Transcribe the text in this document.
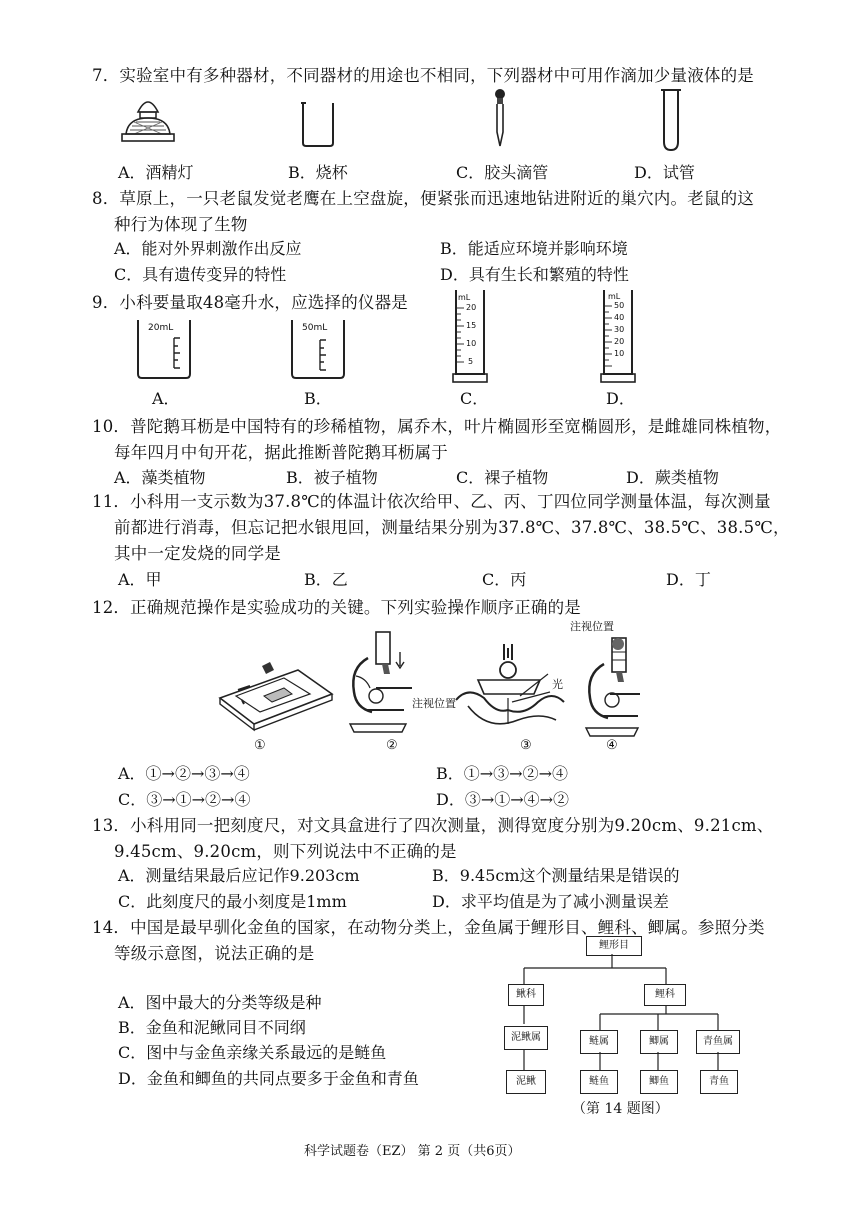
7．实验室中有多种器材，不同器材的用途也不相同，下列器材中可用作滴加少量液体的是
A．酒精灯	B．烧杯	C．胶头滴管	D．试管
8．草原上，一只老鼠发觉老鹰在上空盘旋，便紧张而迅速地钻进附近的巢穴内。老鼠的这
种行为体现了生物
A．能对外界刺激作出反应	B．能适应环境并影响环境
C．具有遗传变异的特性	D．具有生长和繁殖的特性
9．小科要量取48毫升水，应选择的仪器是
20mL	50mL
mL
20
15
10
5
mL
50
40
30
20
10
A．	B．	C．	D．
10．普陀鹅耳枥是中国特有的珍稀植物，属乔木，叶片椭圆形至宽椭圆形，是雌雄同株植物，
每年四月中旬开花，据此推断普陀鹅耳枥属于
A．藻类植物	B．被子植物	C．裸子植物	D．蕨类植物
11．小科用一支示数为37.8℃的体温计依次给甲、乙、丙、丁四位同学测量体温，每次测量
前都进行消毒，但忘记把水银甩回，测量结果分别为37.8℃、37.8℃、38.5℃、38.5℃，
其中一定发烧的同学是
A．甲	B．乙	C．丙	D．丁
12．正确规范操作是实验成功的关键。下列实验操作顺序正确的是
注视位置
光
注视位置
①	②	③	④
A．①→②→③→④	B．①→③→②→④
C．③→①→②→④	D．③→①→④→②
13．小科用同一把刻度尺，对文具盒进行了四次测量，测得宽度分别为9.20cm、9.21cm、
9.45cm、9.20cm，则下列说法中不正确的是
A．测量结果最后应记作9.203cm	B．9.45cm这个测量结果是错误的
C．此刻度尺的最小刻度是1mm	D．求平均值是为了减小测量误差
14．中国是最早驯化金鱼的国家，在动物分类上，金鱼属于鲤形目、鲤科、鲫属。参照分类
等级示意图，说法正确的是
A．图中最大的分类等级是种
B．金鱼和泥鳅同目不同纲
C．图中与金鱼亲缘关系最远的是鲢鱼
D．金鱼和鲫鱼的共同点要多于金鱼和青鱼
鲤形目
鳅科	鲤科
泥鳅属	鲢属	鲫属	青鱼属
泥鳅	鲢鱼	鲫鱼	青鱼
（第 14 题图）
科学试题卷（EZ） 第 2 页（共6页）
